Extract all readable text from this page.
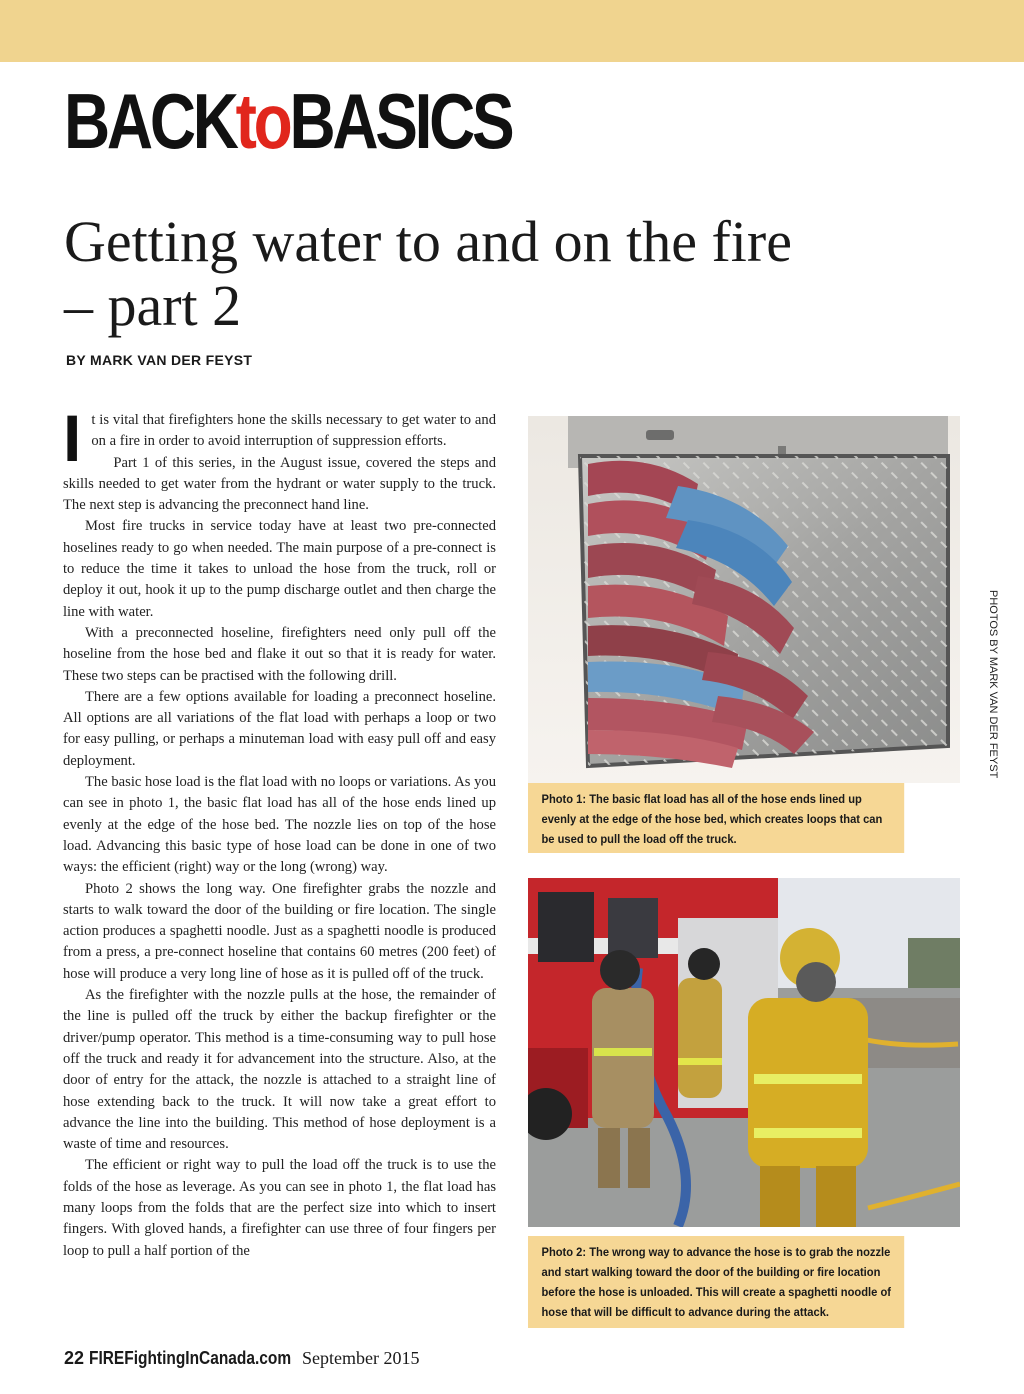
BACKtoBASICS
Getting water to and on the fire – part 2
BY MARK VAN DER FEYST

It is vital that firefighters hone the skills necessary to get water to and on a fire in order to avoid interruption of suppression efforts.

Part 1 of this series, in the August issue, covered the steps and skills needed to get water from the hydrant or water supply to the truck. The next step is advancing the preconnect hand line.

Most fire trucks in service today have at least two pre-connected hoselines ready to go when needed. The main purpose of a pre-connect is to reduce the time it takes to unload the hose from the truck, roll or deploy it out, hook it up to the pump discharge outlet and then charge the line with water.

With a preconnected hoseline, firefighters need only pull off the hoseline from the hose bed and flake it out so that it is ready for water. These two steps can be practised with the following drill.

There are a few options available for loading a preconnect hoseline. All options are all variations of the flat load with perhaps a loop or two for easy pulling, or perhaps a minuteman load with easy pull off and easy deployment.

The basic hose load is the flat load with no loops or variations. As you can see in photo 1, the basic flat load has all of the hose ends lined up evenly at the edge of the hose bed. The nozzle lies on top of the hose load. Advancing this basic type of hose load can be done in one of two ways: the efficient (right) way or the long (wrong) way.

Photo 2 shows the long way. One firefighter grabs the nozzle and starts to walk toward the door of the building or fire location. The single action produces a spaghetti noodle. Just as a spaghetti noodle is produced from a press, a pre-connect hoseline that contains 60 metres (200 feet) of hose will produce a very long line of hose as it is pulled off of the truck.

As the firefighter with the nozzle pulls at the hose, the remainder of the line is pulled off the truck by either the backup firefighter or the driver/pump operator. This method is a time-consuming way to pull hose off the truck and ready it for advancement into the structure. Also, at the door of entry for the attack, the nozzle is attached to a straight line of hose extending back to the truck. It will now take a great effort to advance the line into the building. This method of hose deployment is a waste of time and resources.

The efficient or right way to pull the load off the truck is to use the folds of the hose as leverage. As you can see in photo 1, the flat load has many loops from the folds that are the perfect size into which to insert fingers. With gloved hands, a firefighter can use three of four fingers per loop to pull a half portion of the

Photo 1: The basic flat load has all of the hose ends lined up evenly at the edge of the hose bed, which creates loops that can be used to pull the load off the truck.
PHOTOS BY MARK VAN DER FEYST
Photo 2: The wrong way to advance the hose is to grab the nozzle and start walking toward the door of the building or fire location before the hose is unloaded. This will create a spaghetti noodle of hose that will be difficult to advance during the attack.
22 FIREFightingInCanada.com September 2015
